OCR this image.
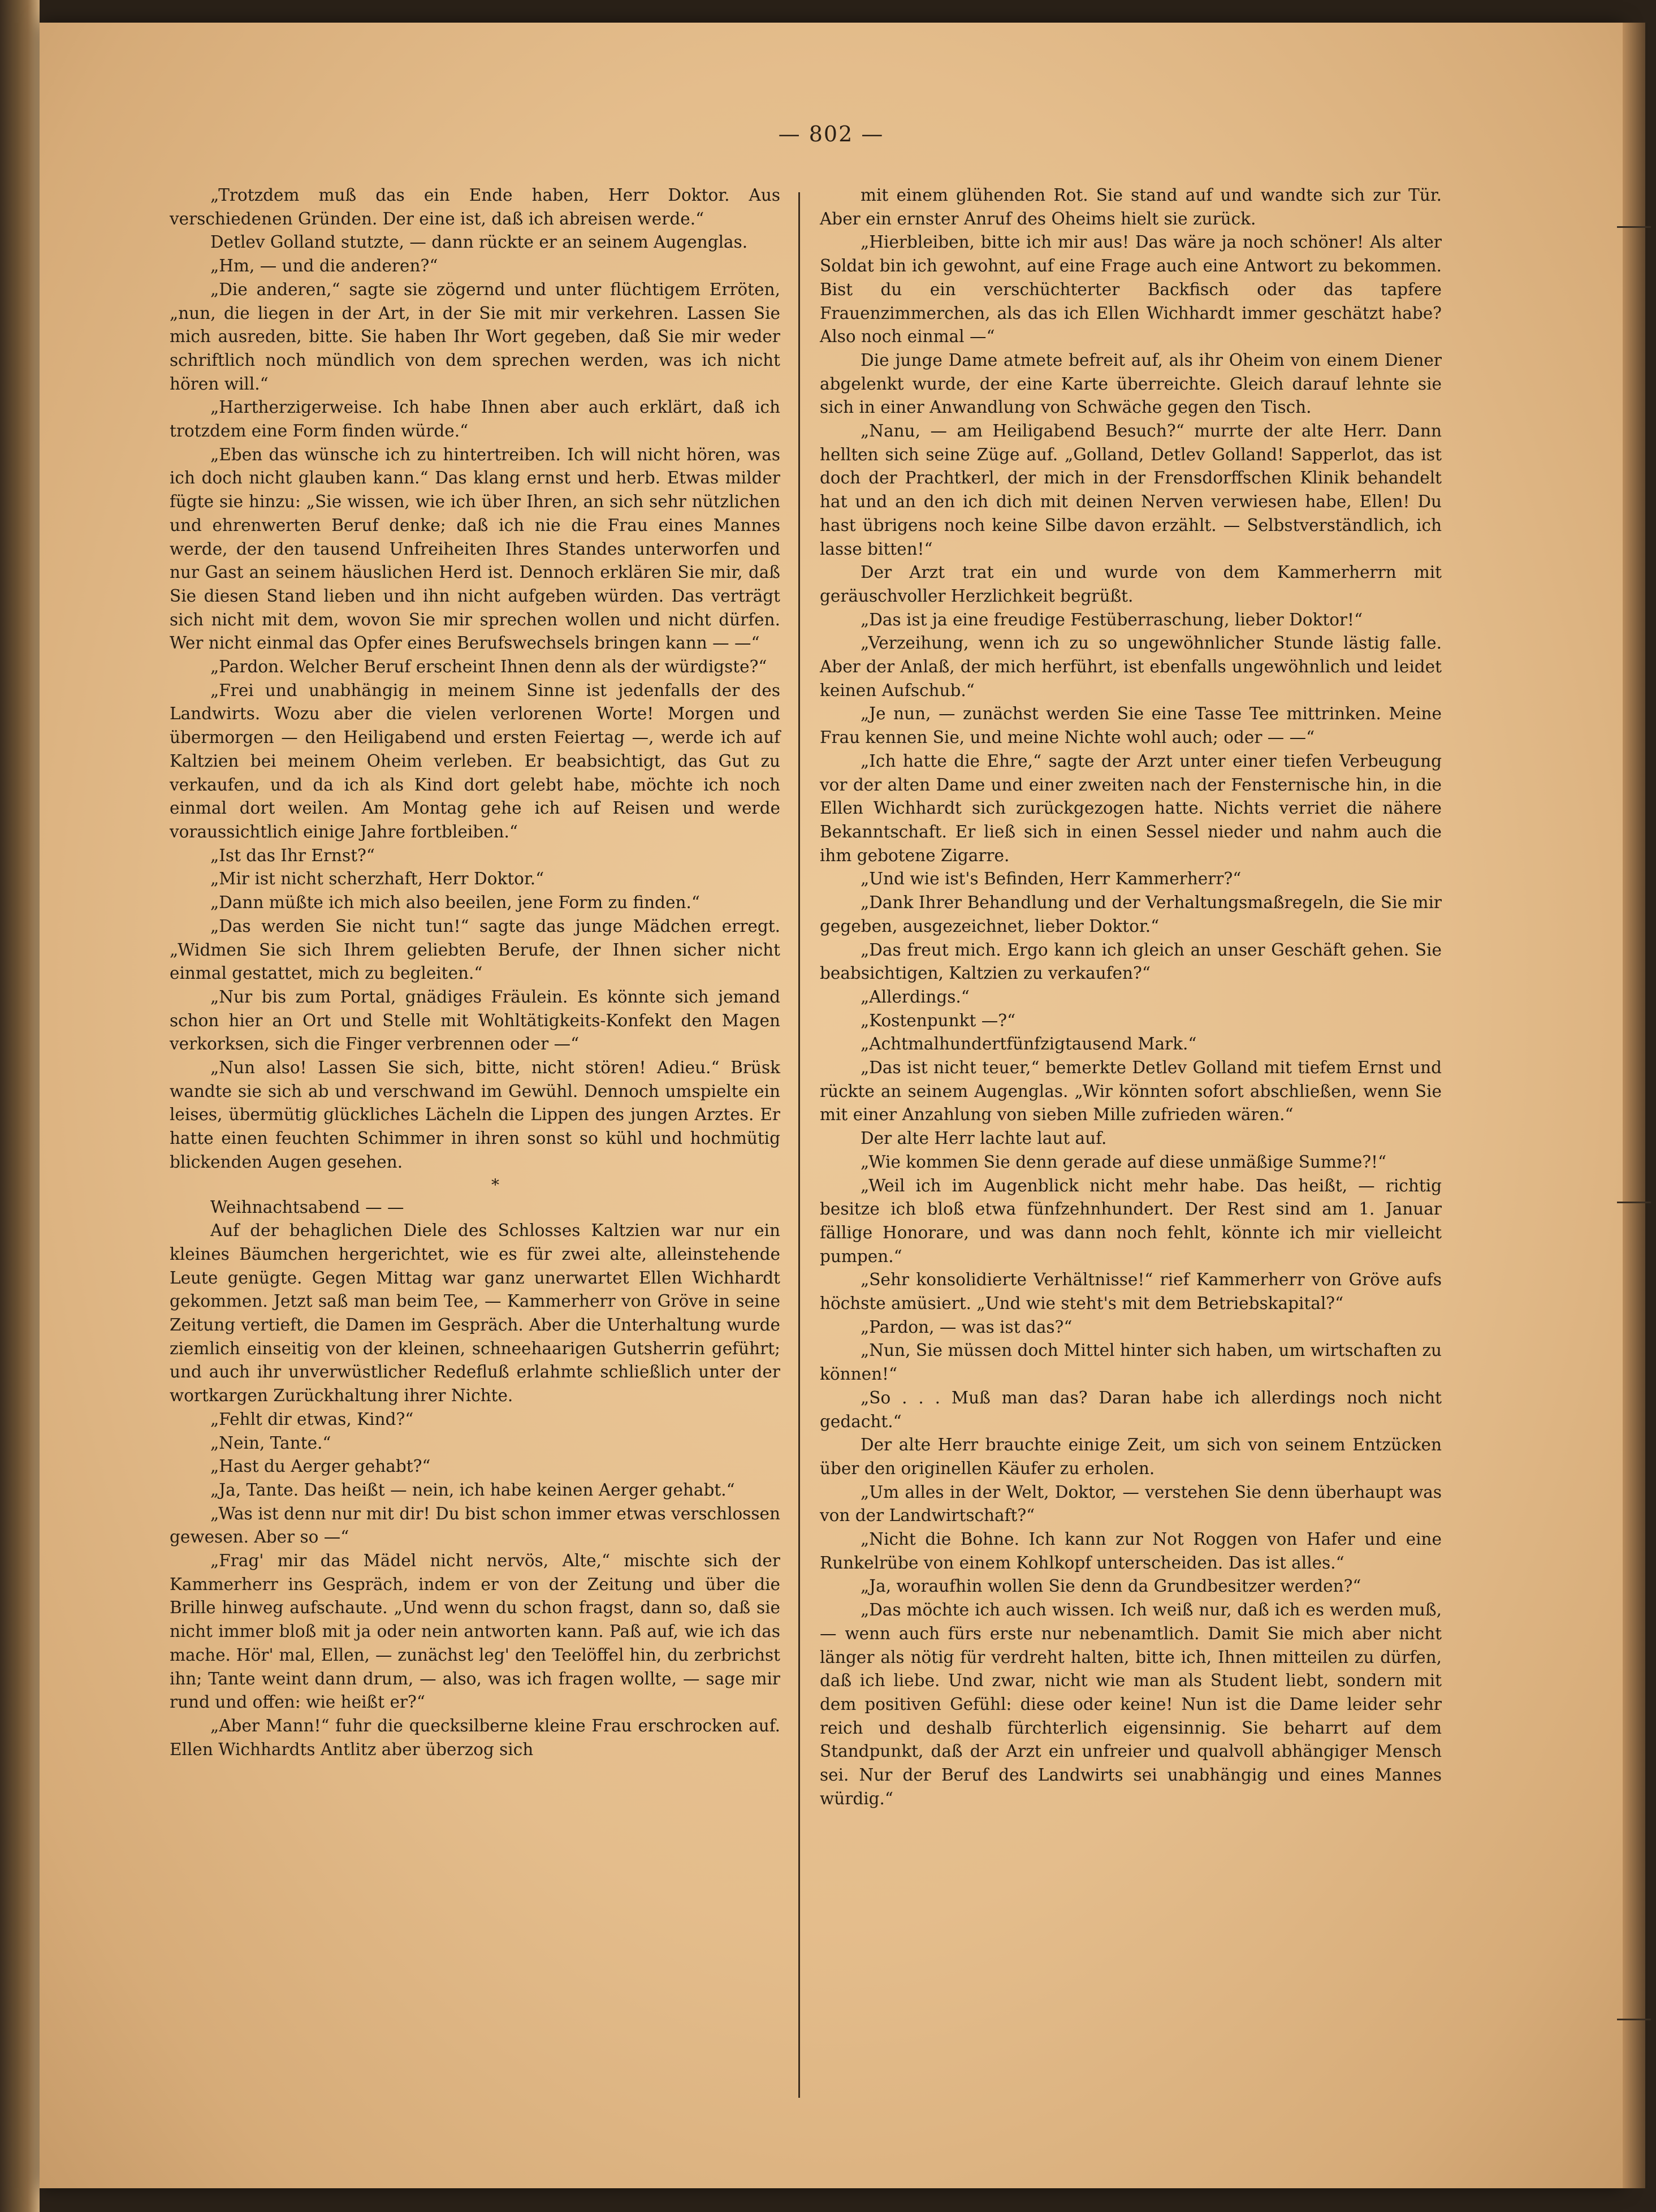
— 802 —

„Trotzdem muß das ein Ende haben, Herr Doktor. Aus verschiedenen Gründen. Der eine ist, daß ich abreisen werde.“

Detlev Golland stutzte, — dann rückte er an seinem Augenglas.

„Hm, — und die anderen?“

„Die anderen,“ sagte sie zögernd und unter flüchtigem Erröten, „nun, die liegen in der Art, in der Sie mit mir verkehren. Lassen Sie mich ausreden, bitte. Sie haben Ihr Wort gegeben, daß Sie mir weder schriftlich noch mündlich von dem sprechen werden, was ich nicht hören will.“

„Hartherzigerweise. Ich habe Ihnen aber auch erklärt, daß ich trotzdem eine Form finden würde.“

„Eben das wünsche ich zu hintertreiben. Ich will nicht hören, was ich doch nicht glauben kann.“ Das klang ernst und herb. Etwas milder fügte sie hinzu: „Sie wissen, wie ich über Ihren, an sich sehr nützlichen und ehrenwerten Beruf denke; daß ich nie die Frau eines Mannes werde, der den tausend Unfreiheiten Ihres Standes unterworfen und nur Gast an seinem häuslichen Herd ist. Dennoch erklären Sie mir, daß Sie diesen Stand lieben und ihn nicht aufgeben würden. Das verträgt sich nicht mit dem, wovon Sie mir sprechen wollen und nicht dürfen. Wer nicht einmal das Opfer eines Berufswechsels bringen kann — —“

„Pardon. Welcher Beruf erscheint Ihnen denn als der würdigste?“

„Frei und unabhängig in meinem Sinne ist jedenfalls der des Landwirts. Wozu aber die vielen verlorenen Worte! Morgen und übermorgen — den Heiligabend und ersten Feiertag —, werde ich auf Kaltzien bei meinem Oheim verleben. Er beabsichtigt, das Gut zu verkaufen, und da ich als Kind dort gelebt habe, möchte ich noch einmal dort weilen. Am Montag gehe ich auf Reisen und werde voraussichtlich einige Jahre fortbleiben.“

„Ist das Ihr Ernst?“

„Mir ist nicht scherzhaft, Herr Doktor.“

„Dann müßte ich mich also beeilen, jene Form zu finden.“

„Das werden Sie nicht tun!“ sagte das junge Mädchen erregt. „Widmen Sie sich Ihrem geliebten Berufe, der Ihnen sicher nicht einmal gestattet, mich zu begleiten.“

„Nur bis zum Portal, gnädiges Fräulein. Es könnte sich jemand schon hier an Ort und Stelle mit Wohltätigkeits-Konfekt den Magen verkorksen, sich die Finger verbrennen oder —“

„Nun also! Lassen Sie sich, bitte, nicht stören! Adieu.“ Brüsk wandte sie sich ab und verschwand im Gewühl. Dennoch umspielte ein leises, übermütig glückliches Lächeln die Lippen des jungen Arztes. Er hatte einen feuchten Schimmer in ihren sonst so kühl und hochmütig blickenden Augen gesehen.

*

Weihnachtsabend — —

Auf der behaglichen Diele des Schlosses Kaltzien war nur ein kleines Bäumchen hergerichtet, wie es für zwei alte, alleinstehende Leute genügte. Gegen Mittag war ganz unerwartet Ellen Wichhardt gekommen. Jetzt saß man beim Tee, — Kammerherr von Gröve in seine Zeitung vertieft, die Damen im Gespräch. Aber die Unterhaltung wurde ziemlich einseitig von der kleinen, schneehaarigen Gutsherrin geführt; und auch ihr unverwüstlicher Redefluß erlahmte schließlich unter der wortkargen Zurückhaltung ihrer Nichte.

„Fehlt dir etwas, Kind?“

„Nein, Tante.“

„Hast du Aerger gehabt?“

„Ja, Tante. Das heißt — nein, ich habe keinen Aerger gehabt.“

„Was ist denn nur mit dir! Du bist schon immer etwas verschlossen gewesen. Aber so —“

„Frag' mir das Mädel nicht nervös, Alte,“ mischte sich der Kammerherr ins Gespräch, indem er von der Zeitung und über die Brille hinweg aufschaute. „Und wenn du schon fragst, dann so, daß sie nicht immer bloß mit ja oder nein antworten kann. Paß auf, wie ich das mache. Hör' mal, Ellen, — zunächst leg' den Teelöffel hin, du zerbrichst ihn; Tante weint dann drum, — also, was ich fragen wollte, — sage mir rund und offen: wie heißt er?“

„Aber Mann!“ fuhr die quecksilberne kleine Frau erschrocken auf. Ellen Wichhardts Antlitz aber überzog sich

mit einem glühenden Rot. Sie stand auf und wandte sich zur Tür. Aber ein ernster Anruf des Oheims hielt sie zurück.

„Hierbleiben, bitte ich mir aus! Das wäre ja noch schöner! Als alter Soldat bin ich gewohnt, auf eine Frage auch eine Antwort zu bekommen. Bist du ein verschüchterter Backfisch oder das tapfere Frauenzimmerchen, als das ich Ellen Wichhardt immer geschätzt habe? Also noch einmal —“

Die junge Dame atmete befreit auf, als ihr Oheim von einem Diener abgelenkt wurde, der eine Karte überreichte. Gleich darauf lehnte sie sich in einer Anwandlung von Schwäche gegen den Tisch.

„Nanu, — am Heiligabend Besuch?“ murrte der alte Herr. Dann hellten sich seine Züge auf. „Golland, Detlev Golland! Sapperlot, das ist doch der Prachtkerl, der mich in der Frensdorffschen Klinik behandelt hat und an den ich dich mit deinen Nerven verwiesen habe, Ellen! Du hast übrigens noch keine Silbe davon erzählt. — Selbstverständlich, ich lasse bitten!“

Der Arzt trat ein und wurde von dem Kammerherrn mit geräuschvoller Herzlichkeit begrüßt.

„Das ist ja eine freudige Festüberraschung, lieber Doktor!“

„Verzeihung, wenn ich zu so ungewöhnlicher Stunde lästig falle. Aber der Anlaß, der mich herführt, ist ebenfalls ungewöhnlich und leidet keinen Aufschub.“

„Je nun, — zunächst werden Sie eine Tasse Tee mittrinken. Meine Frau kennen Sie, und meine Nichte wohl auch; oder — —“

„Ich hatte die Ehre,“ sagte der Arzt unter einer tiefen Verbeugung vor der alten Dame und einer zweiten nach der Fensternische hin, in die Ellen Wichhardt sich zurückgezogen hatte. Nichts verriet die nähere Bekanntschaft. Er ließ sich in einen Sessel nieder und nahm auch die ihm gebotene Zigarre.

„Und wie ist's Befinden, Herr Kammerherr?“

„Dank Ihrer Behandlung und der Verhaltungsmaßregeln, die Sie mir gegeben, ausgezeichnet, lieber Doktor.“

„Das freut mich. Ergo kann ich gleich an unser Geschäft gehen. Sie beabsichtigen, Kaltzien zu verkaufen?“

„Allerdings.“

„Kostenpunkt —?“

„Achtmalhundertfünfzigtausend Mark.“

„Das ist nicht teuer,“ bemerkte Detlev Golland mit tiefem Ernst und rückte an seinem Augenglas. „Wir könnten sofort abschließen, wenn Sie mit einer Anzahlung von sieben Mille zufrieden wären.“

Der alte Herr lachte laut auf.

„Wie kommen Sie denn gerade auf diese unmäßige Summe?!“

„Weil ich im Augenblick nicht mehr habe. Das heißt, — richtig besitze ich bloß etwa fünfzehnhundert. Der Rest sind am 1. Januar fällige Honorare, und was dann noch fehlt, könnte ich mir vielleicht pumpen.“

„Sehr konsolidierte Verhältnisse!“ rief Kammerherr von Gröve aufs höchste amüsiert. „Und wie steht's mit dem Betriebskapital?“

„Pardon, — was ist das?“

„Nun, Sie müssen doch Mittel hinter sich haben, um wirtschaften zu können!“

„So . . . Muß man das? Daran habe ich allerdings noch nicht gedacht.“

Der alte Herr brauchte einige Zeit, um sich von seinem Entzücken über den originellen Käufer zu erholen.

„Um alles in der Welt, Doktor, — verstehen Sie denn überhaupt was von der Landwirtschaft?“

„Nicht die Bohne. Ich kann zur Not Roggen von Hafer und eine Runkelrübe von einem Kohlkopf unterscheiden. Das ist alles.“

„Ja, woraufhin wollen Sie denn da Grundbesitzer werden?“

„Das möchte ich auch wissen. Ich weiß nur, daß ich es werden muß, — wenn auch fürs erste nur nebenamtlich. Damit Sie mich aber nicht länger als nötig für verdreht halten, bitte ich, Ihnen mitteilen zu dürfen, daß ich liebe. Und zwar, nicht wie man als Student liebt, sondern mit dem positiven Gefühl: diese oder keine! Nun ist die Dame leider sehr reich und deshalb fürchterlich eigensinnig. Sie beharrt auf dem Standpunkt, daß der Arzt ein unfreier und qualvoll abhängiger Mensch sei. Nur der Beruf des Landwirts sei unabhängig und eines Mannes würdig.“
